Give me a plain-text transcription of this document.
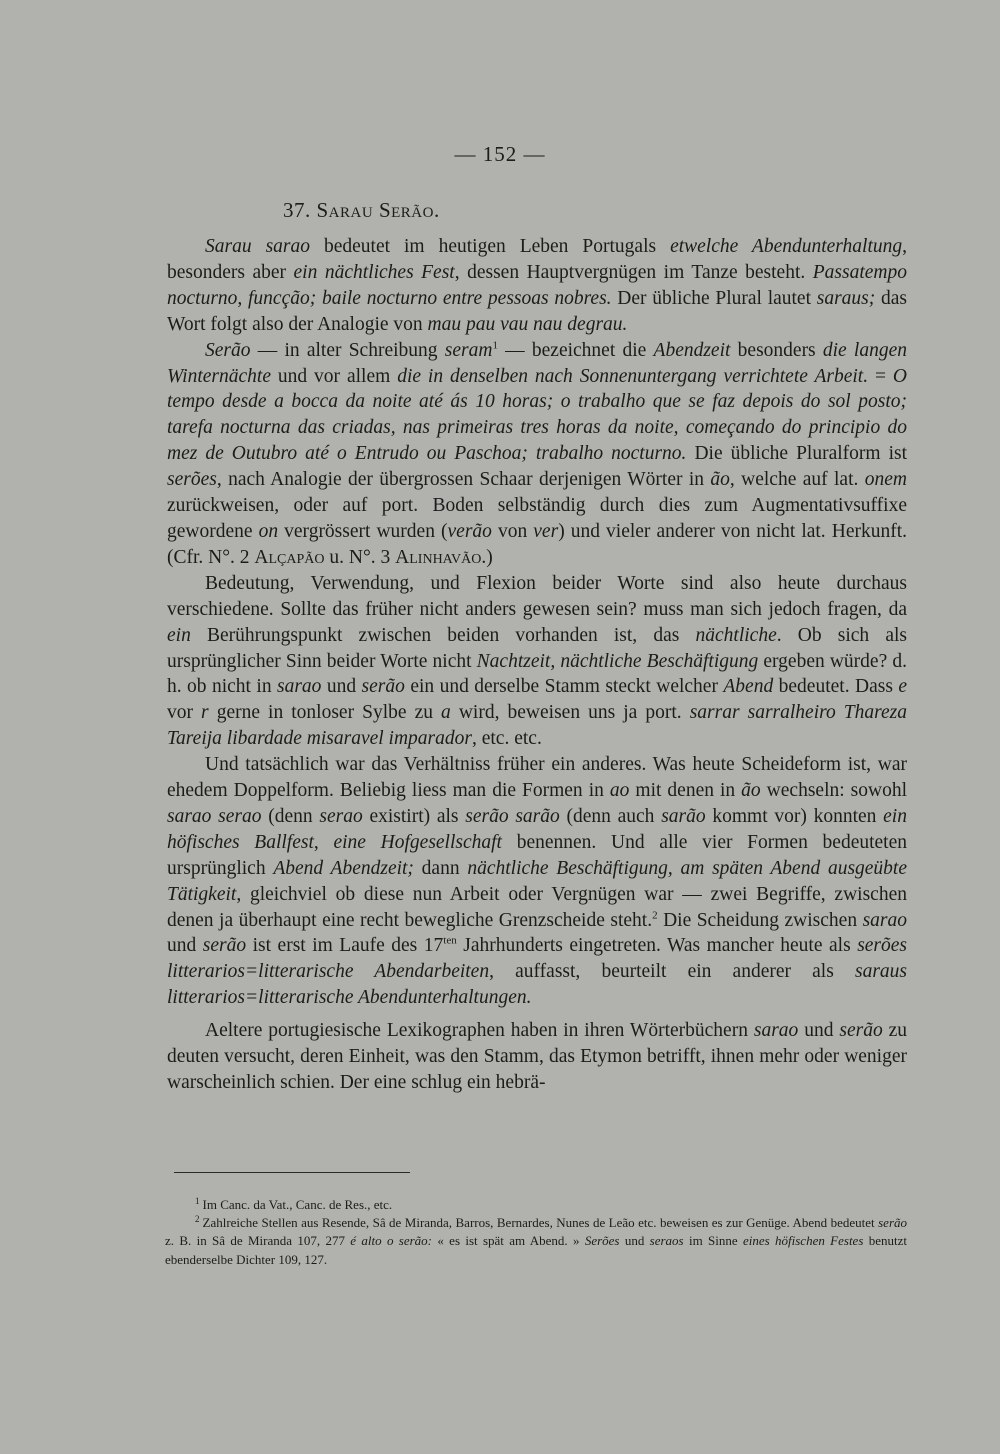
— 152 —
37. Sarau Serão.

Sarau sarao bedeutet im heutigen Leben Portugals etwelche Abendunterhaltung, besonders aber ein nächtliches Fest, dessen Hauptvergnügen im Tanze besteht. Passatempo nocturno, funcção; baile nocturno entre pessoas nobres. Der übliche Plural lautet saraus; das Wort folgt also der Analogie von mau pau vau nau degrau.

Serão — in alter Schreibung seram$^1$ — bezeichnet die Abendzeit besonders die langen Winternächte und vor allem die in denselben nach Sonnenuntergang verrichtete Arbeit. = O tempo desde a bocca da noite até ás 10 horas; o trabalho que se faz depois do sol posto; tarefa nocturna das criadas, nas primeiras tres horas da noite, começando do principio do mez de Outubro até o Entrudo ou Paschoa; trabalho nocturno. Die übliche Pluralform ist serões, nach Analogie der übergrossen Schaar derjenigen Wörter in ão, welche auf lat. onem zurückweisen, oder auf port. Boden selbständig durch dies zum Augmentativsuffixe gewordene on vergrössert wurden (verão von ver) und vieler anderer von nicht lat. Herkunft. (Cfr. N°. 2 Alçapão u. N°. 3 Alinhavão.)

Bedeutung, Verwendung, und Flexion beider Worte sind also heute durchaus verschiedene. Sollte das früher nicht anders gewesen sein? muss man sich jedoch fragen, da ein Berührungspunkt zwischen beiden vorhanden ist, das nächtliche. Ob sich als ursprünglicher Sinn beider Worte nicht Nachtzeit, nächtliche Beschäftigung ergeben würde? d. h. ob nicht in sarao und serão ein und derselbe Stamm steckt welcher Abend bedeutet. Dass e vor r gerne in tonloser Sylbe zu a wird, beweisen uns ja port. sarrar sarralheiro Thareza Tareija libardade misaravel imparador, etc. etc.

Und tatsächlich war das Verhältniss früher ein anderes. Was heute Scheideform ist, war ehedem Doppelform. Beliebig liess man die Formen in ao mit denen in ão wechseln: sowohl sarao serao (denn serao existirt) als serão sarão (denn auch sarão kommt vor) konnten ein höfisches Ballfest, eine Hofgesellschaft benennen. Und alle vier Formen bedeuteten ursprünglich Abend Abendzeit; dann nächtliche Beschäftigung, am späten Abend ausgeübte Tätigkeit, gleichviel ob diese nun Arbeit oder Vergnügen war — zwei Begriffe, zwischen denen ja überhaupt eine recht bewegliche Grenzscheide steht.$^2$ Die Scheidung zwischen sarao und serão ist erst im Laufe des $17^{ten}$ Jahrhunderts eingetreten. Was mancher heute als serões litterarios=litterarische Abendarbeiten, auffasst, beurteilt ein anderer als saraus litterarios=litterarische Abendunterhaltungen.

Aeltere portugiesische Lexikographen haben in ihren Wörterbüchern sarao und serão zu deuten versucht, deren Einheit, was den Stamm, das Etymon betrifft, ihnen mehr oder weniger warscheinlich schien. Der eine schlug ein hebrä-

$^1$ Im Canc. da Vat., Canc. de Res., etc.

$^2$ Zahlreiche Stellen aus Resende, Sâ de Miranda, Barros, Bernardes, Nunes de Leão etc. beweisen es zur Genüge. Abend bedeutet serão z. B. in Sâ de Miranda 107, 277 é alto o serão: « es ist spät am Abend. » Serões und seraos im Sinne eines höfischen Festes benutzt ebenderselbe Dichter 109, 127.
